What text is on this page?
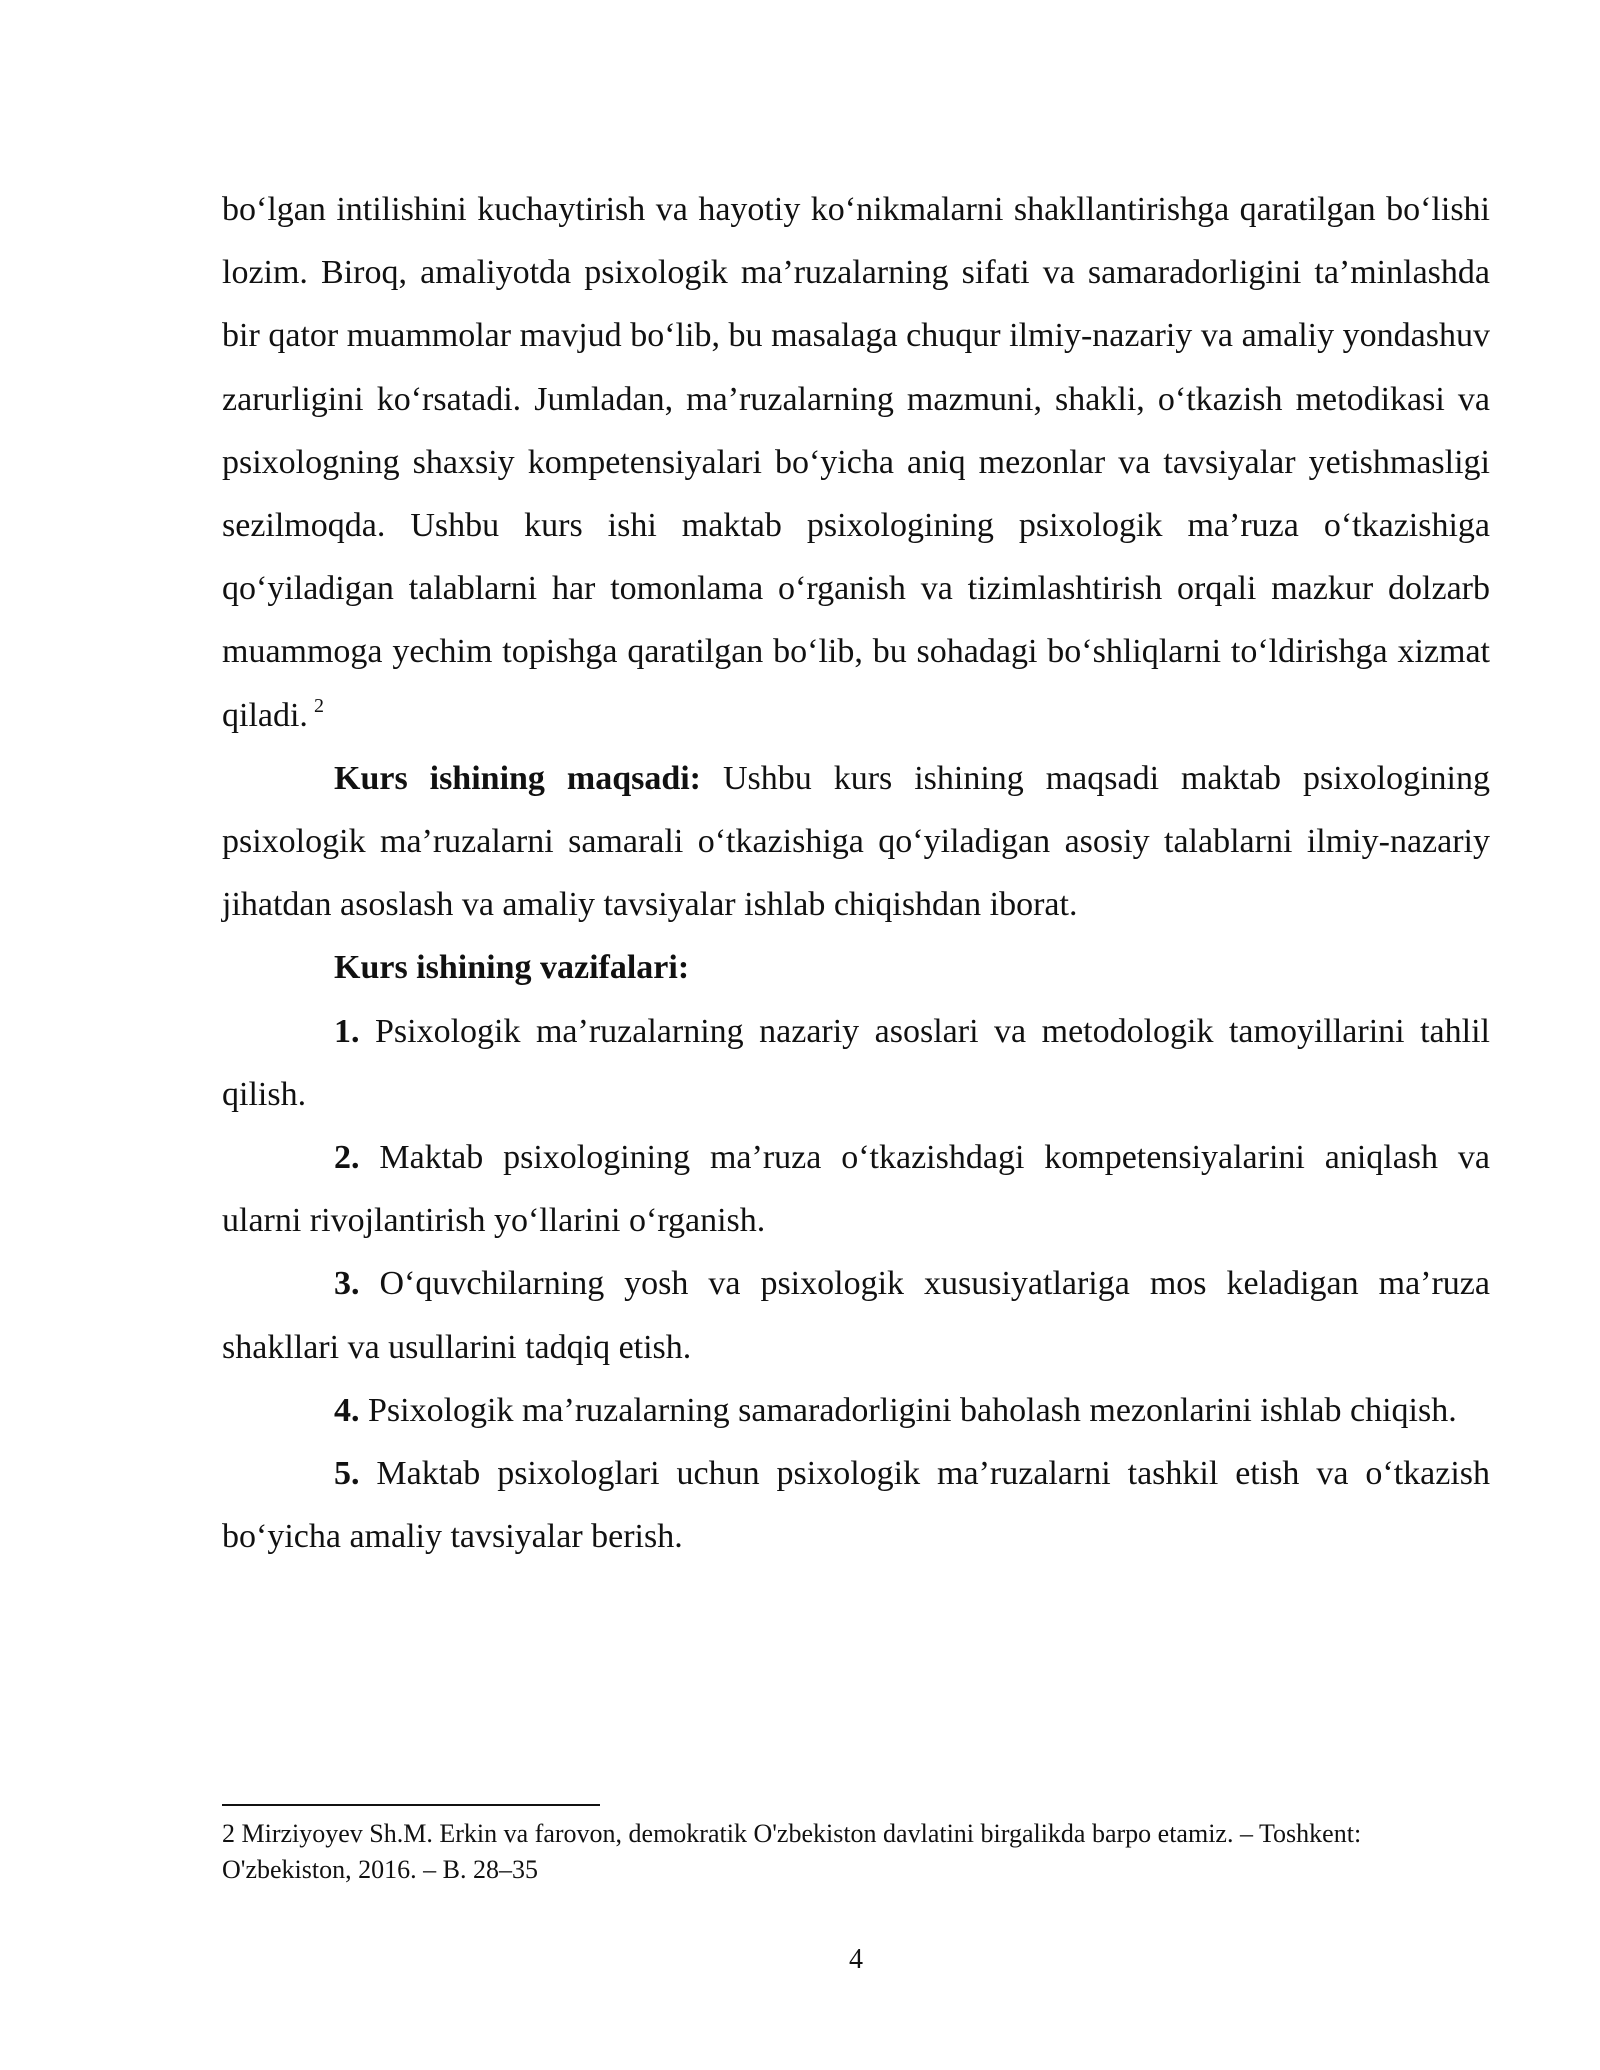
bo‘lgan intilishini kuchaytirish va hayotiy ko‘nikmalarni shakllantirishga qaratilgan bo‘lishi lozim. Biroq, amaliyotda psixologik ma’ruzalarning sifati va samaradorligini ta’minlashda bir qator muammolar mavjud bo‘lib, bu masalaga chuqur ilmiy-nazariy va amaliy yondashuv zarurligini ko‘rsatadi. Jumladan, ma’ruzalarning mazmuni, shakli, o‘tkazish metodikasi va psixologning shaxsiy kompetensiyalari bo‘yicha aniq mezonlar va tavsiyalar yetishmasligi sezilmoqda. Ushbu kurs ishi maktab psixologining psixologik ma’ruza o‘tkazishiga qo‘yiladigan talablarni har tomonlama o‘rganish va tizimlashtirish orqali mazkur dolzarb muammoga yechim topishga qaratilgan bo‘lib, bu sohadagi bo‘shliqlarni to‘ldirishga xizmat qiladi. $^2$

Kurs ishining maqsadi: Ushbu kurs ishining maqsadi maktab psixologining psixologik ma’ruzalarni samarali o‘tkazishiga qo‘yiladigan asosiy talablarni ilmiy-nazariy jihatdan asoslash va amaliy tavsiyalar ishlab chiqishdan iborat.

Kurs ishining vazifalari:

1. Psixologik ma’ruzalarning nazariy asoslari va metodologik tamoyillarini tahlil qilish.

2. Maktab psixologining ma’ruza o‘tkazishdagi kompetensiyalarini aniqlash va ularni rivojlantirish yo‘llarini o‘rganish.

3. O‘quvchilarning yosh va psixologik xususiyatlariga mos keladigan ma’ruza shakllari va usullarini tadqiq etish.

4. Psixologik ma’ruzalarning samaradorligini baholash mezonlarini ishlab chiqish.

5. Maktab psixologlari uchun psixologik ma’ruzalarni tashkil etish va o‘tkazish bo‘yicha amaliy tavsiyalar berish.

2 Mirziyoyev Sh.M. Erkin va farovon, demokratik O'zbekiston davlatini birgalikda barpo etamiz. – Toshkent: O'zbekiston, 2016. – B. 28–35
4
